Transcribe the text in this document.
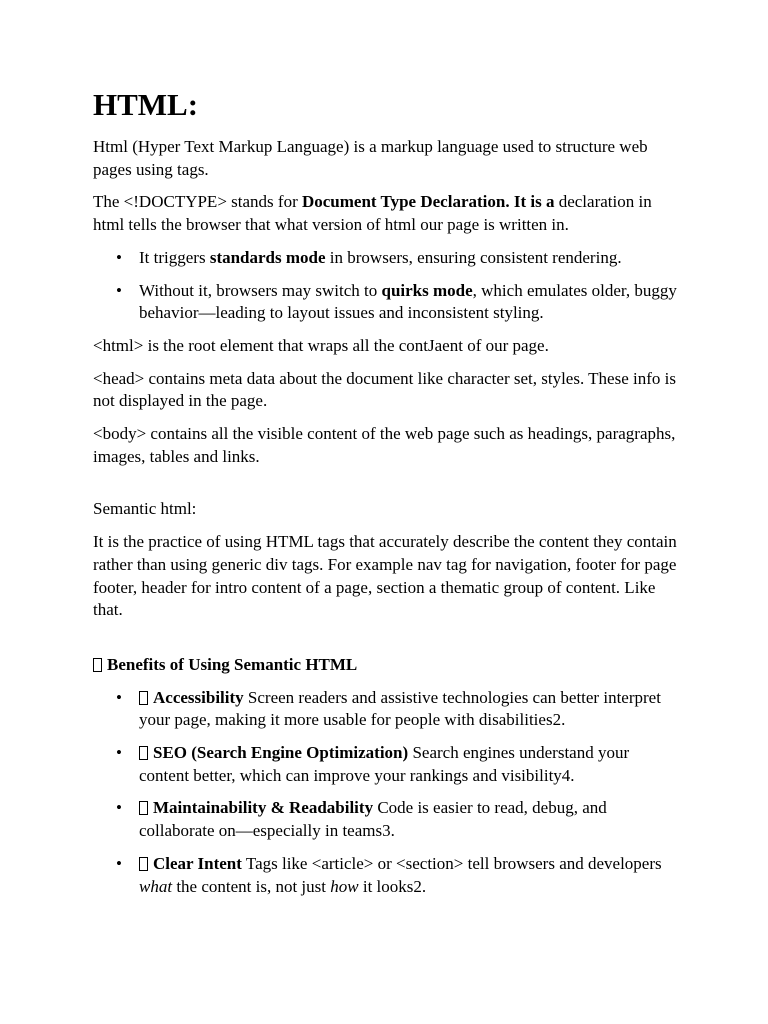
HTML:

Html (Hyper Text Markup Language) is a markup language used to structure web pages using tags.

The <!DOCTYPE> stands for Document Type Declaration. It is a declaration in html tells the browser that what version of html our page is written in.

• It triggers standards mode in browsers, ensuring consistent rendering.
• Without it, browsers may switch to quirks mode, which emulates older, buggy behavior—leading to layout issues and inconsistent styling.

<html> is the root element that wraps all the contJaent of our page.

<head> contains meta data about the document like character set, styles. These info is not displayed in the page.

<body> contains all the visible content of the web page such as headings, paragraphs, images, tables and links.

Semantic html:

It is the practice of using HTML tags that accurately describe the content they contain rather than using generic div tags. For example nav tag for navigation, footer for page footer, header for intro content of a page, section a thematic group of content. Like that.

Benefits of Using Semantic HTML

• Accessibility Screen readers and assistive technologies can better interpret your page, making it more usable for people with disabilities2.
• SEO (Search Engine Optimization) Search engines understand your content better, which can improve your rankings and visibility4.
• Maintainability & Readability Code is easier to read, debug, and collaborate on—especially in teams3.
• Clear Intent Tags like <article> or <section> tell browsers and developers what the content is, not just how it looks2.
